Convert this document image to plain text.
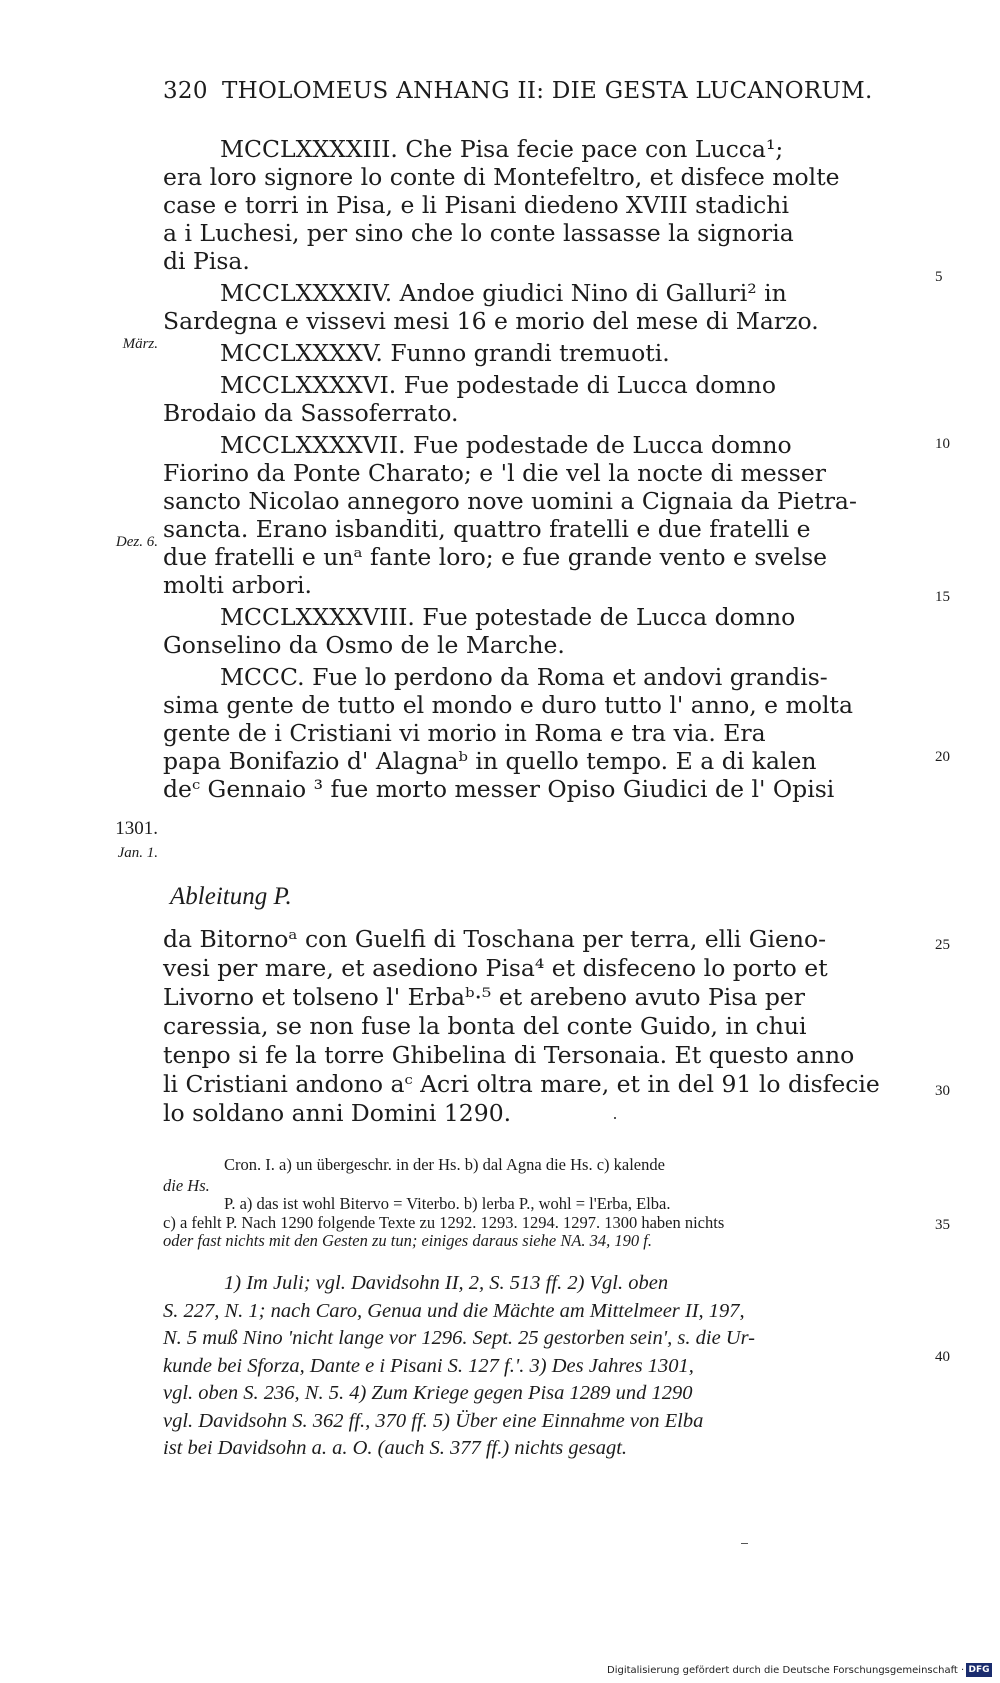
320 THOLOMEUS ANHANG II: DIE GESTA LUCANORUM.
MCCLXXXXIII. Che Pisa fecie pace con Lucca¹;
era loro signore lo conte di Montefeltro, et disfece molte
case e torri in Pisa, e li Pisani diedeno XVIII stadichi
a i Luchesi, per sino che lo conte lassasse la signoria
di Pisa.
MCCLXXXXIV. Andoe giudici Nino di Galluri² in
Sardegna e vissevi mesi 16 e morio del mese di Marzo.
MCCLXXXXV. Funno grandi tremuoti.
MCCLXXXXVI. Fue podestade di Lucca domno
Brodaio da Sassoferrato.
MCCLXXXXVII. Fue podestade de Lucca domno
Fiorino da Ponte Charato; e 'l die vel la nocte di messer
sancto Nicolao annegoro nove uomini a Cignaia da Pietra-
sancta. Erano isbanditi, quattro fratelli e due fratelli e
due fratelli e unᵃ fante loro; e fue grande vento e svelse
molti arbori.
MCCLXXXXVIII. Fue potestade de Lucca domno
Gonselino da Osmo de le Marche.
MCCC. Fue lo perdono da Roma et andovi grandis-
sima gente de tutto el mondo e duro tutto l' anno, e molta
gente de i Cristiani vi morio in Roma e tra via. Era
papa Bonifazio d' Alagnaᵇ in quello tempo. E a di kalen
deᶜ Gennaio ³ fue morto messer Opiso Giudici de l' Opisi
März.
Dez. 6.
1301.
Jan. 1.
5
10
15
20
25
30
35
40
Ableitung P.
da Bitornoᵃ con Guelfi di Toschana per terra, elli Gieno-
vesi per mare, et asediono Pisa⁴ et disfeceno lo porto et
Livorno et tolseno l' Erbaᵇ·⁵ et arebeno avuto Pisa per
caressia, se non fuse la bonta del conte Guido, in chui
tenpo si fe la torre Ghibelina di Tersonaia. Et questo anno
li Cristiani andono aᶜ Acri oltra mare, et in del 91 lo disfecie
lo soldano anni Domini 1290.
Cron. I. a) un übergeschr. in der Hs. b) dal Agna die Hs. c) kalende
die Hs.
P. a) das ist wohl Bitervo = Viterbo. b) lerba P., wohl = l'Erba, Elba.
c) a fehlt P. Nach 1290 folgende Texte zu 1292. 1293. 1294. 1297. 1300 haben nichts
oder fast nichts mit den Gesten zu tun; einiges daraus siehe NA. 34, 190 f.
1) Im Juli; vgl. Davidsohn II, 2, S. 513 ff. 2) Vgl. oben
S. 227, N. 1; nach Caro, Genua und die Mächte am Mittelmeer II, 197,
N. 5 muß Nino 'nicht lange vor 1296. Sept. 25 gestorben sein', s. die Ur-
kunde bei Sforza, Dante e i Pisani S. 127 f.'. 3) Des Jahres 1301,
vgl. oben S. 236, N. 5. 4) Zum Kriege gegen Pisa 1289 und 1290
vgl. Davidsohn S. 362 ff., 370 ff. 5) Über eine Einnahme von Elba
ist bei Davidsohn a. a. O. (auch S. 377 ff.) nichts gesagt.
Digitalisierung gefördert durch die Deutsche Forschungsgemeinschaft · DFG
